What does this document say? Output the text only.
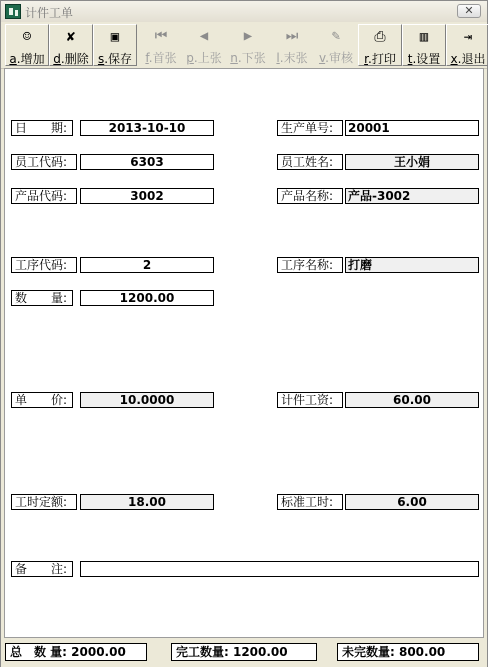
计件工单	✕
☺
a.增加
✘
d.删除
▣
s.保存
⏮
f.首张
◀
p.上张
▶
n.下张
⏭
l.末张
✎
v.审核
⎙
r.打印
▥
t.设置
⇥
x.退出
日　　期:	2013-10-10	生产单号:	20001
员工代码:	6303	员工姓名:	王小娟
产品代码:	3002	产品名称:	产品-3002
工序代码:	2	工序名称:	打磨
数　　量:	1200.00
单　　价:	10.0000	计件工资:	60.00
工时定额:	18.00	标准工时:	6.00
备　　注:
总　数 量: 2000.00	完工数量: 1200.00	未完数量: 800.00
